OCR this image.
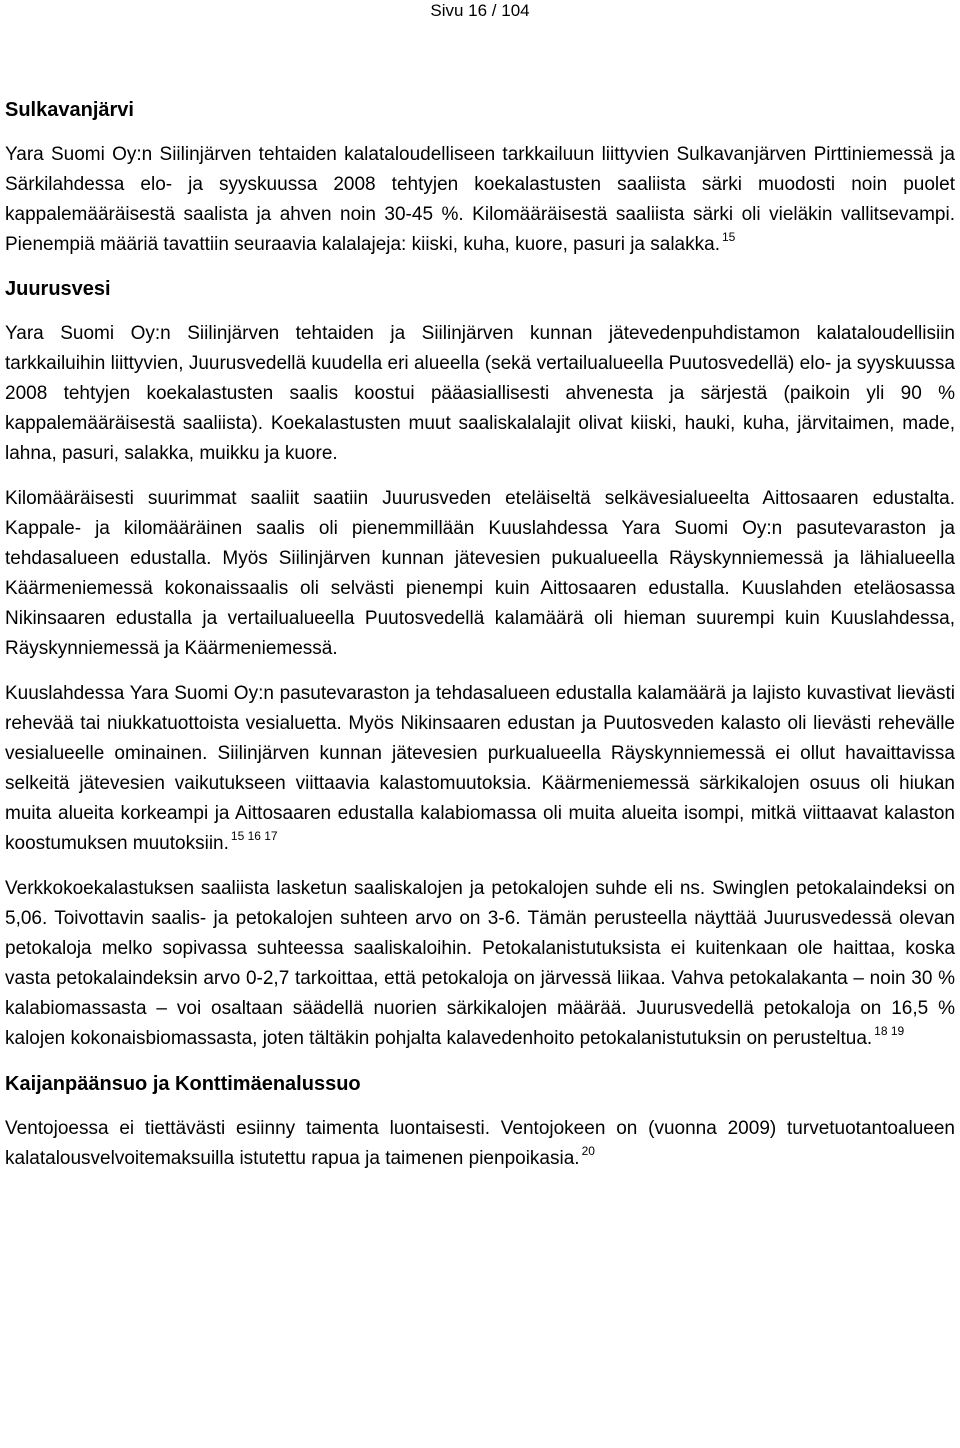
Sivu 16 / 104
Sulkavanjärvi

Yara Suomi Oy:n Siilinjärven tehtaiden kalataloudelliseen tarkkailuun liittyvien Sulkavanjärven Pirttiniemessä ja Särkilahdessa elo- ja syyskuussa 2008 tehtyjen koekalastusten saaliista särki muodosti noin puolet kappalemääräisestä saalista ja ahven noin 30-45 %. Kilomääräisestä saaliista särki oli vieläkin vallitsevampi. Pienempiä määriä tavattiin seuraavia kalalajeja: kiiski, kuha, kuore, pasuri ja salakka. $^{15}$

Juurusvesi

Yara Suomi Oy:n Siilinjärven tehtaiden ja Siilinjärven kunnan jätevedenpuhdistamon kalataloudellisiin tarkkailuihin liittyvien, Juurusvedellä kuudella eri alueella (sekä vertailualueella Puutosvedellä) elo- ja syyskuussa 2008 tehtyjen koekalastusten saalis koostui pääasiallisesti ahvenesta ja särjestä (paikoin yli 90 % kappalemääräisestä saaliista). Koekalastusten muut saaliskalalajit olivat kiiski, hauki, kuha, järvitaimen, made, lahna, pasuri, salakka, muikku ja kuore.

Kilomääräisesti suurimmat saaliit saatiin Juurusveden eteläiseltä selkävesialueelta Aittosaaren edustalta. Kappale- ja kilomääräinen saalis oli pienemmillään Kuuslahdessa Yara Suomi Oy:n pasutevaraston ja tehdasalueen edustalla. Myös Siilinjärven kunnan jätevesien pukualueella Räyskynniemessä ja lähialueella Käärmeniemessä kokonaissaalis oli selvästi pienempi kuin Aittosaaren edustalla. Kuuslahden eteläosassa Nikinsaaren edustalla ja vertailualueella Puutosvedellä kalamäärä oli hieman suurempi kuin Kuuslahdessa, Räyskynniemessä ja Käärmeniemessä.

Kuuslahdessa Yara Suomi Oy:n pasutevaraston ja tehdasalueen edustalla kalamäärä ja lajisto kuvastivat lievästi rehevää tai niukkatuottoista vesialuetta. Myös Nikinsaaren edustan ja Puutosveden kalasto oli lievästi rehevälle vesialueelle ominainen. Siilinjärven kunnan jätevesien purkualueella Räyskynniemessä ei ollut havaittavissa selkeitä jätevesien vaikutukseen viittaavia kalastomuutoksia. Käärmeniemessä särkikalojen osuus oli hiukan muita alueita korkeampi ja Aittosaaren edustalla kalabiomassa oli muita alueita isompi, mitkä viittaavat kalaston koostumuksen muutoksiin. $^{15 16 17}$

Verkkokoekalastuksen saaliista lasketun saaliskalojen ja petokalojen suhde eli ns. Swinglen petokalaindeksi on 5,06. Toivottavin saalis- ja petokalojen suhteen arvo on 3-6. Tämän perusteella näyttää Juurusvedessä olevan petokaloja melko sopivassa suhteessa saaliskaloihin. Petokalanistutuksista ei kuitenkaan ole haittaa, koska vasta petokalaindeksin arvo 0-2,7 tarkoittaa, että petokaloja on järvessä liikaa. Vahva petokalakanta – noin 30 % kalabiomassasta – voi osaltaan säädellä nuorien särkikalojen määrää. Juurusvedellä petokaloja on 16,5 % kalojen kokonaisbiomassasta, joten tältäkin pohjalta kalavedenhoito petokalanistutuksin on perusteltua. $^{18 19}$

Kaijanpäänsuo ja Konttimäenalussuo

Ventojoessa ei tiettävästi esiinny taimenta luontaisesti. Ventojokeen on (vuonna 2009) turvetuotantoalueen kalatalousvelvoitemaksuilla istutettu rapua ja taimenen pienpoikasia. $^{20}$
